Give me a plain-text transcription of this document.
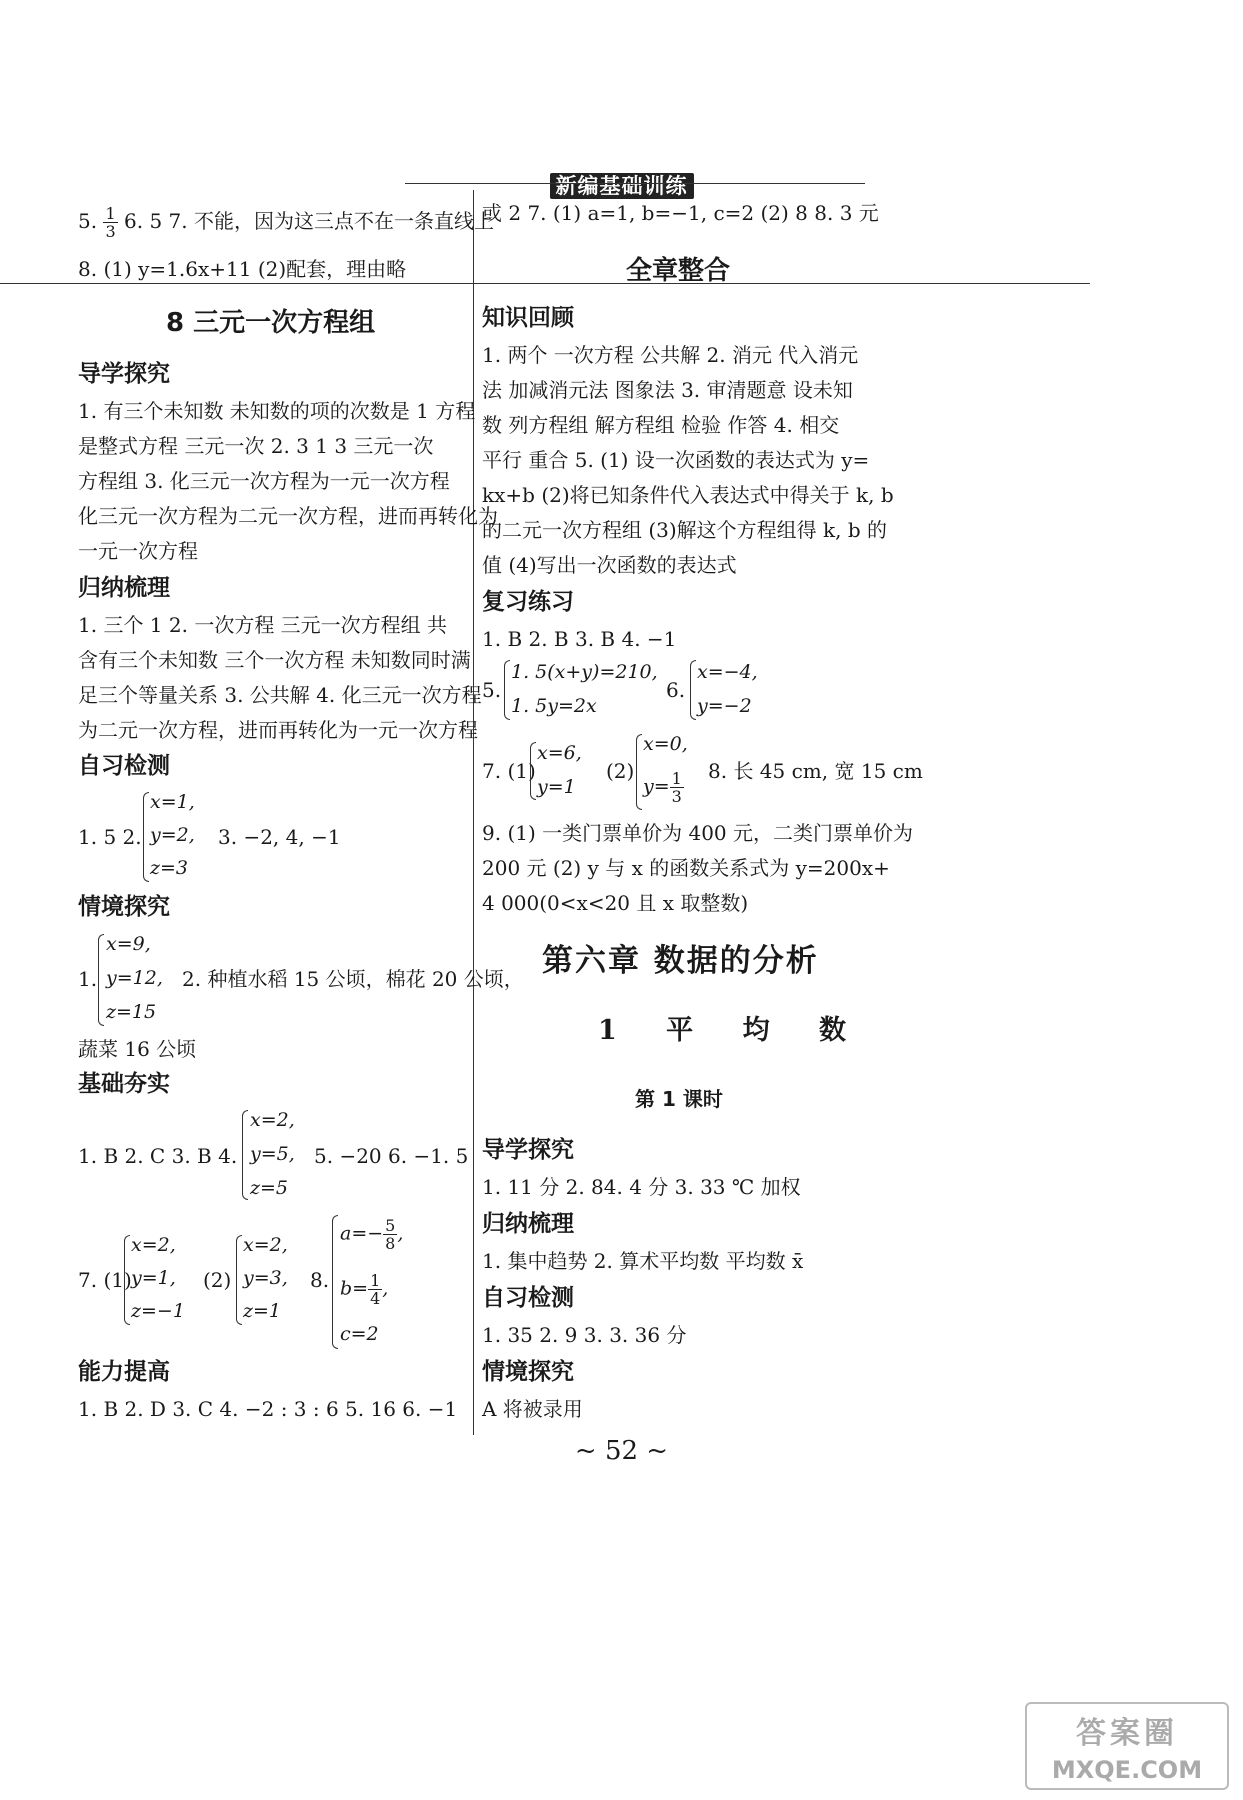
新编基础训练
5. $\frac{1}{3} 6$. 5 7. 不能，因为这三点不在一条直线上
8. (1) y=1.6x+11 (2)配套，理由略
8 三元一次方程组
导学探究
1. 有三个未知数 未知数的项的次数是 1 方程
是整式方程 三元一次 2. 3 1 3 三元一次
方程组 3. 化三元一次方程为一元一次方程
化三元一次方程为二元一次方程，进而再转化为
一元一次方程
归纳梳理
1. 三个 1 2. 一次方程 三元一次方程组 共
含有三个未知数 三个一次方程 未知数同时满
足三个等量关系 3. 公共解 4. 化三元一次方程
为二元一次方程，进而再转化为一元一次方程
自习检测
1. 5 2.
x=1,
y=2,
z=3
3. −2, 4, −1
情境探究
1.
x=9,
y=12,
z=15
2. 种植水稻 15 公顷，棉花 20 公顷，
蔬菜 16 公顷
基础夯实
1. B 2. C 3. B 4.
x=2,
y=5,
z=5
5. −20 6. −1. 5
7. (1)
x=2,
y=1,
z=−1
(2)
x=2,
y=3,
z=1
8.
$a=- \frac{5}{8}$ ,
$b= \frac{1}{4}$ ,
c=2
能力提高
1. B 2. D 3. C 4. −2 : 3 : 6 5. 16 6. −1
或 2 7. (1) a=1, b=−1, c=2 (2) 8 8. 3 元
全章整合
知识回顾
1. 两个 一次方程 公共解 2. 消元 代入消元
法 加减消元法 图象法 3. 审清题意 设未知
数 列方程组 解方程组 检验 作答 4. 相交
平行 重合 5. (1) 设一次函数的表达式为 y=
kx+b (2)将已知条件代入表达式中得关于 k, b
的二元一次方程组 (3)解这个方程组得 k, b 的
值 (4)写出一次函数的表达式
复习练习
1. B 2. B 3. B 4. −1
5.
1. 5(x+y)=210,
1. 5y=2x
6.
x=−4,
y=−2
7. (1)
x=6,
y=1
(2)
x=0,
$y= \frac{1}{3} 8$. 长 45 cm, 宽 15 cm
9. (1) 一类门票单价为 400 元，二类门票单价为
200 元 (2) y 与 x 的函数关系式为 y=200x+
4 000(0<x<20 且 x 取整数)
第六章 数据的分析
1 平 均 数
第 1 课时
导学探究
1. 11 分 2. 84. 4 分 3. 33 ℃ 加权
归纳梳理
1. 集中趋势 2. 算术平均数 平均数 x̄
自习检测
1. 35 2. 9 3. 3. 36 分
情境探究
A 将被录用
~ 52 ~
答案圈
MXQE.COM
